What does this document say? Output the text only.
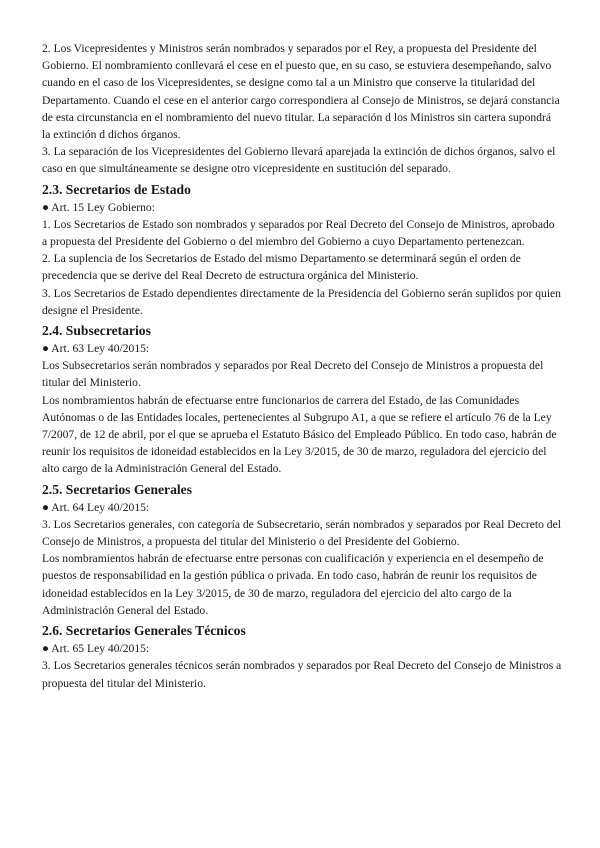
2. Los Vicepresidentes y Ministros serán nombrados y separados por el Rey, a propuesta del Presidente del Gobierno. El nombramiento conllevará el cese en el puesto que, en su caso, se estuviera desempeñando, salvo cuando en el caso de los Vicepresidentes, se designe como tal a un Ministro que conserve la titularidad del Departamento. Cuando el cese en el anterior cargo correspondiera al Consejo de Ministros, se dejará constancia de esta circunstancia en el nombramiento del nuevo titular. La separación d los Ministros sin cartera supondrá la extinción d dichos órganos.

3. La separación de los Vicepresidentes del Gobierno llevará aparejada la extinción de dichos órganos, salvo el caso en que simultáneamente se designe otro vicepresidente en sustitución del separado.

2.3. Secretarios de Estado

● Art. 15 Ley Gobierno:

1. Los Secretarios de Estado son nombrados y separados por Real Decreto del Consejo de Ministros, aprobado a propuesta del Presidente del Gobierno o del miembro del Gobierno a cuyo Departamento pertenezcan.

2. La suplencia de los Secretarios de Estado del mismo Departamento se determinará según el orden de precedencia que se derive del Real Decreto de estructura orgánica del Ministerio.

3. Los Secretarios de Estado dependientes directamente de la Presidencia del Gobierno serán suplidos por quien designe el Presidente.

2.4. Subsecretarios

● Art. 63 Ley 40/2015:

Los Subsecretarios serán nombrados y separados por Real Decreto del Consejo de Ministros a propuesta del titular del Ministerio.

Los nombramientos habrán de efectuarse entre funcionarios de carrera del Estado, de las Comunidades Autónomas o de las Entidades locales, pertenecientes al Subgrupo A1, a que se refiere el artículo 76 de la Ley 7/2007, de 12 de abril, por el que se aprueba el Estatuto Básico del Empleado Público. En todo caso, habrán de reunir los requisitos de idoneidad establecidos en la Ley 3/2015, de 30 de marzo, reguladora del ejercicio del alto cargo de la Administración General del Estado.

2.5. Secretarios Generales

● Art. 64 Ley 40/2015:

3. Los Secretarios generales, con categoría de Subsecretario, serán nombrados y separados por Real Decreto del Consejo de Ministros, a propuesta del titular del Ministerio o del Presidente del Gobierno.

Los nombramientos habrán de efectuarse entre personas con cualificación y experiencia en el desempeño de puestos de responsabilidad en la gestión pública o privada. En todo caso, habrán de reunir los requisitos de idoneidad establecidos en la Ley 3/2015, de 30 de marzo, reguladora del ejercicio del alto cargo de la Administración General del Estado.

2.6. Secretarios Generales Técnicos

● Art. 65 Ley 40/2015:

3. Los Secretarios generales técnicos serán nombrados y separados por Real Decreto del Consejo de Ministros a propuesta del titular del Ministerio.
